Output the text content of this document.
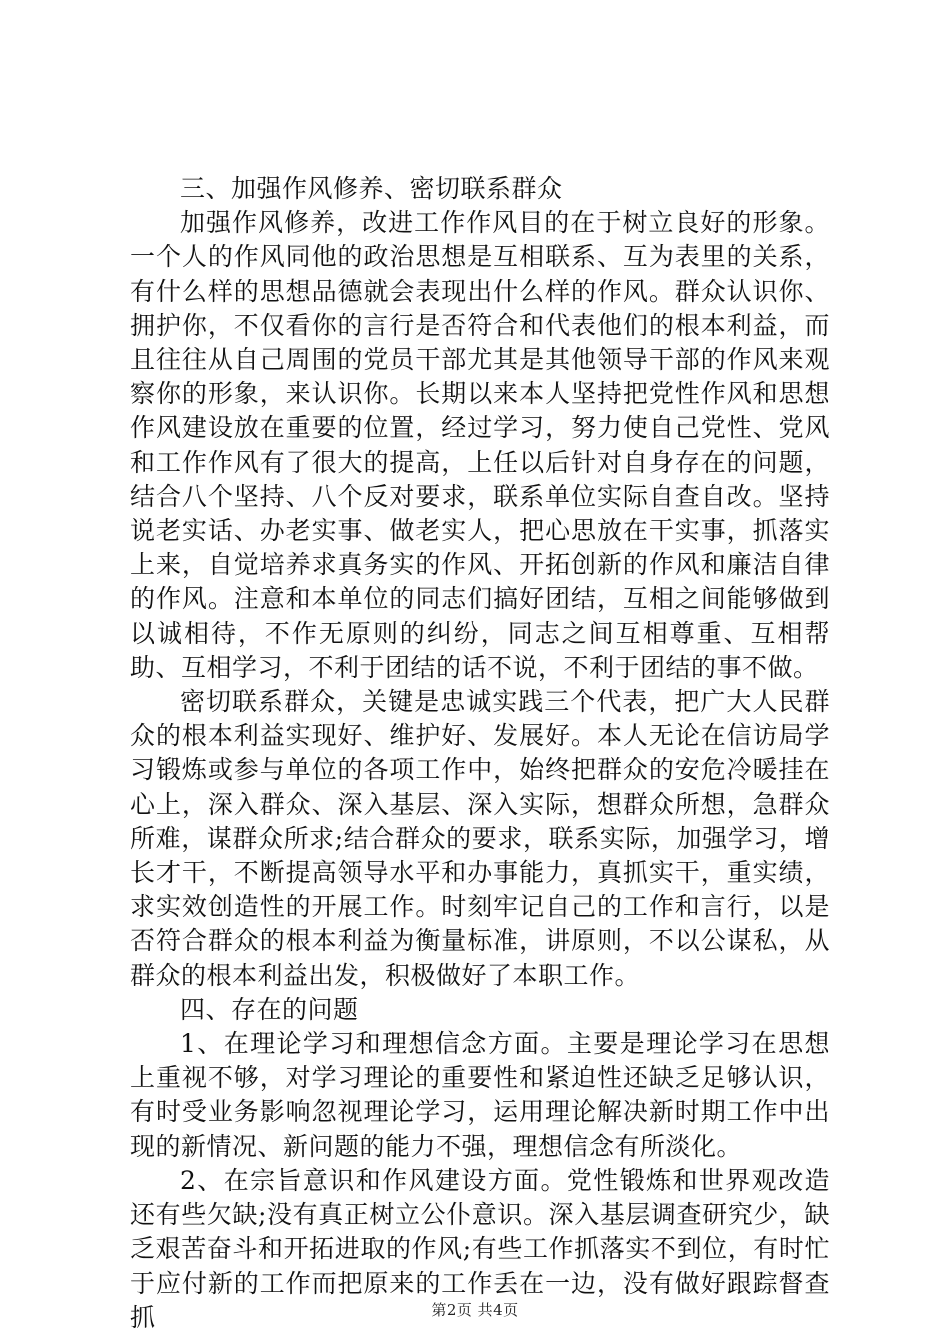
三、加强作风修养、密切联系群众

加强作风修养，改进工作作风目的在于树立良好的形象。一个人的作风同他的政治思想是互相联系、互为表里的关系，有什么样的思想品德就会表现出什么样的作风。群众认识你、拥护你，不仅看你的言行是否符合和代表他们的根本利益，而且往往从自己周围的党员干部尤其是其他领导干部的作风来观察你的形象，来认识你。长期以来本人坚持把党性作风和思想作风建设放在重要的位置，经过学习，努力使自己党性、党风和工作作风有了很大的提高，上任以后针对自身存在的问题，结合八个坚持、八个反对要求，联系单位实际自查自改。坚持说老实话、办老实事、做老实人，把心思放在干实事，抓落实上来，自觉培养求真务实的作风、开拓创新的作风和廉洁自律的作风。注意和本单位的同志们搞好团结，互相之间能够做到以诚相待，不作无原则的纠纷，同志之间互相尊重、互相帮助、互相学习，不利于团结的话不说，不利于团结的事不做。

密切联系群众，关键是忠诚实践三个代表，把广大人民群众的根本利益实现好、维护好、发展好。本人无论在信访局学习锻炼或参与单位的各项工作中，始终把群众的安危冷暖挂在心上，深入群众、深入基层、深入实际，想群众所想，急群众所难，谋群众所求;结合群众的要求，联系实际，加强学习，增长才干，不断提高领导水平和办事能力，真抓实干，重实绩，求实效创造性的开展工作。时刻牢记自己的工作和言行，以是否符合群众的根本利益为衡量标准，讲原则，不以公谋私，从群众的根本利益出发，积极做好了本职工作。

四、存在的问题

1、在理论学习和理想信念方面。主要是理论学习在思想上重视不够，对学习理论的重要性和紧迫性还缺乏足够认识，有时受业务影响忽视理论学习，运用理论解决新时期工作中出现的新情况、新问题的能力不强，理想信念有所淡化。

2、在宗旨意识和作风建设方面。党性锻炼和世界观改造还有些欠缺;没有真正树立公仆意识。深入基层调查研究少，缺乏艰苦奋斗和开拓进取的作风;有些工作抓落实不到位，有时忙于应付新的工作而把原来的工作丢在一边，没有做好跟踪督查抓	第2页 共4页
